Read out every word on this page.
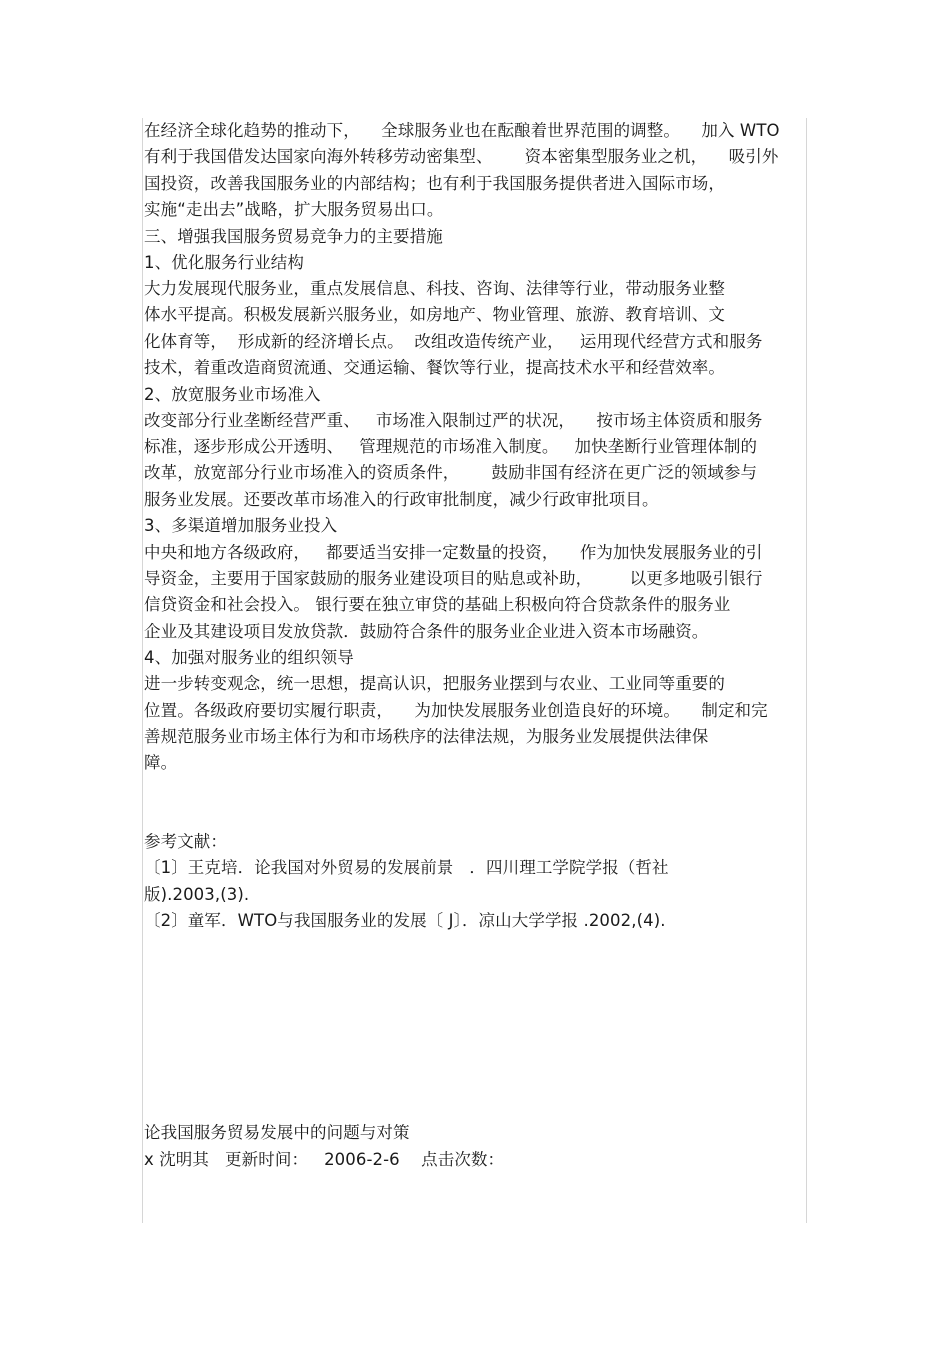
在经济全球化趋势的推动下，    全球服务业也在酝酿着世界范围的调整。    加入 WTO
有利于我国借发达国家向海外转移劳动密集型、      资本密集型服务业之机，    吸引外
国投资，改善我国服务业的内部结构；也有利于我国服务提供者进入国际市场，
实施“走出去”战略，扩大服务贸易出口。
三、增强我国服务贸易竞争力的主要措施
1、优化服务行业结构
大力发展现代服务业，重点发展信息、科技、咨询、法律等行业，带动服务业整
体水平提高。积极发展新兴服务业，如房地产、物业管理、旅游、教育培训、文
化体育等，  形成新的经济增长点。  改组改造传统产业，   运用现代经营方式和服务
技术，着重改造商贸流通、交通运输、餐饮等行业，提高技术水平和经营效率。
2、放宽服务业市场准入
改变部分行业垄断经营严重、   市场准入限制过严的状况，    按市场主体资质和服务
标准，逐步形成公开透明、   管理规范的市场准入制度。   加快垄断行业管理体制的
改革，放宽部分行业市场准入的资质条件，      鼓励非国有经济在更广泛的领域参与
服务业发展。还要改革市场准入的行政审批制度，减少行政审批项目。
3、多渠道增加服务业投入
中央和地方各级政府，   都要适当安排一定数量的投资，    作为加快发展服务业的引
导资金，主要用于国家鼓励的服务业建设项目的贴息或补助，       以更多地吸引银行
信贷资金和社会投入。 银行要在独立审贷的基础上积极向符合贷款条件的服务业
企业及其建设项目发放贷款．鼓励符合条件的服务业企业进入资本市场融资。
4、加强对服务业的组织领导
进一步转变观念，统一思想，提高认识，把服务业摆到与农业、工业同等重要的
位置。各级政府要切实履行职责，    为加快发展服务业创造良好的环境。    制定和完
善规范服务业市场主体行为和市场秩序的法律法规，为服务业发展提供法律保
障。
参考文献：
〔1〕王克培．论我国对外贸易的发展前景   ．四川理工学院学报（哲社
版).2003,(3).
〔2〕童军．WTO与我国服务业的发展〔 J〕．凉山大学学报 .2002,(4).
论我国服务贸易发展中的问题与对策
x 沈明其   更新时间：   2006-2-6    点击次数：
